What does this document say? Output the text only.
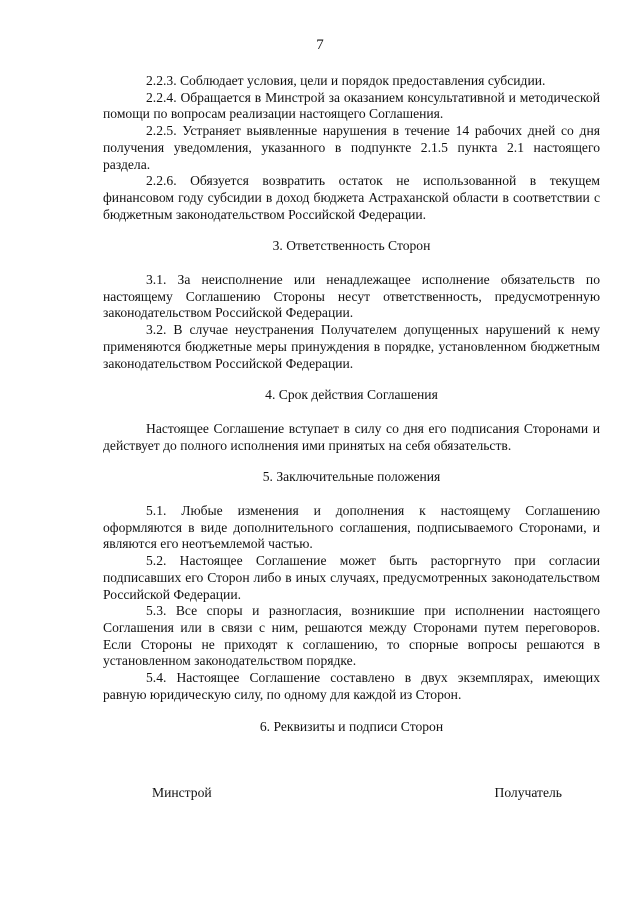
7

2.2.3. Соблюдает условия, цели и порядок предоставления субсидии.

2.2.4. Обращается в Минстрой за оказанием консультативной и методической помощи по вопросам реализации настоящего Соглашения.

2.2.5. Устраняет выявленные нарушения в течение 14 рабочих дней со дня получения уведомления, указанного в подпункте 2.1.5 пункта 2.1 настоящего раздела.

2.2.6. Обязуется возвратить остаток не использованной в текущем финансовом году субсидии в доход бюджета Астраханской области в соответствии с бюджетным законодательством Российской Федерации.

3. Ответственность Сторон

3.1. За неисполнение или ненадлежащее исполнение обязательств по настоящему Соглашению Стороны несут ответственность, предусмотренную законодательством Российской Федерации.

3.2. В случае неустранения Получателем допущенных нарушений к нему применяются бюджетные меры принуждения в порядке, установленном бюджетным законодательством Российской Федерации.

4. Срок действия Соглашения

Настоящее Соглашение вступает в силу со дня его подписания Сторонами и действует до полного исполнения ими принятых на себя обязательств.

5. Заключительные положения

5.1. Любые изменения и дополнения к настоящему Соглашению оформляются в виде дополнительного соглашения, подписываемого Сторонами, и являются его неотъемлемой частью.

5.2. Настоящее Соглашение может быть расторгнуто при согласии подписавших его Сторон либо в иных случаях, предусмотренных законодательством Российской Федерации.

5.3. Все споры и разногласия, возникшие при исполнении настоящего Соглашения или в связи с ним, решаются между Сторонами путем переговоров. Если Стороны не приходят к соглашению, то спорные вопросы решаются в установленном законодательством порядке.

5.4. Настоящее Соглашение составлено в двух экземплярах, имеющих равную юридическую силу, по одному для каждой из Сторон.

6. Реквизиты и подписи Сторон
Минстрой	Получатель
